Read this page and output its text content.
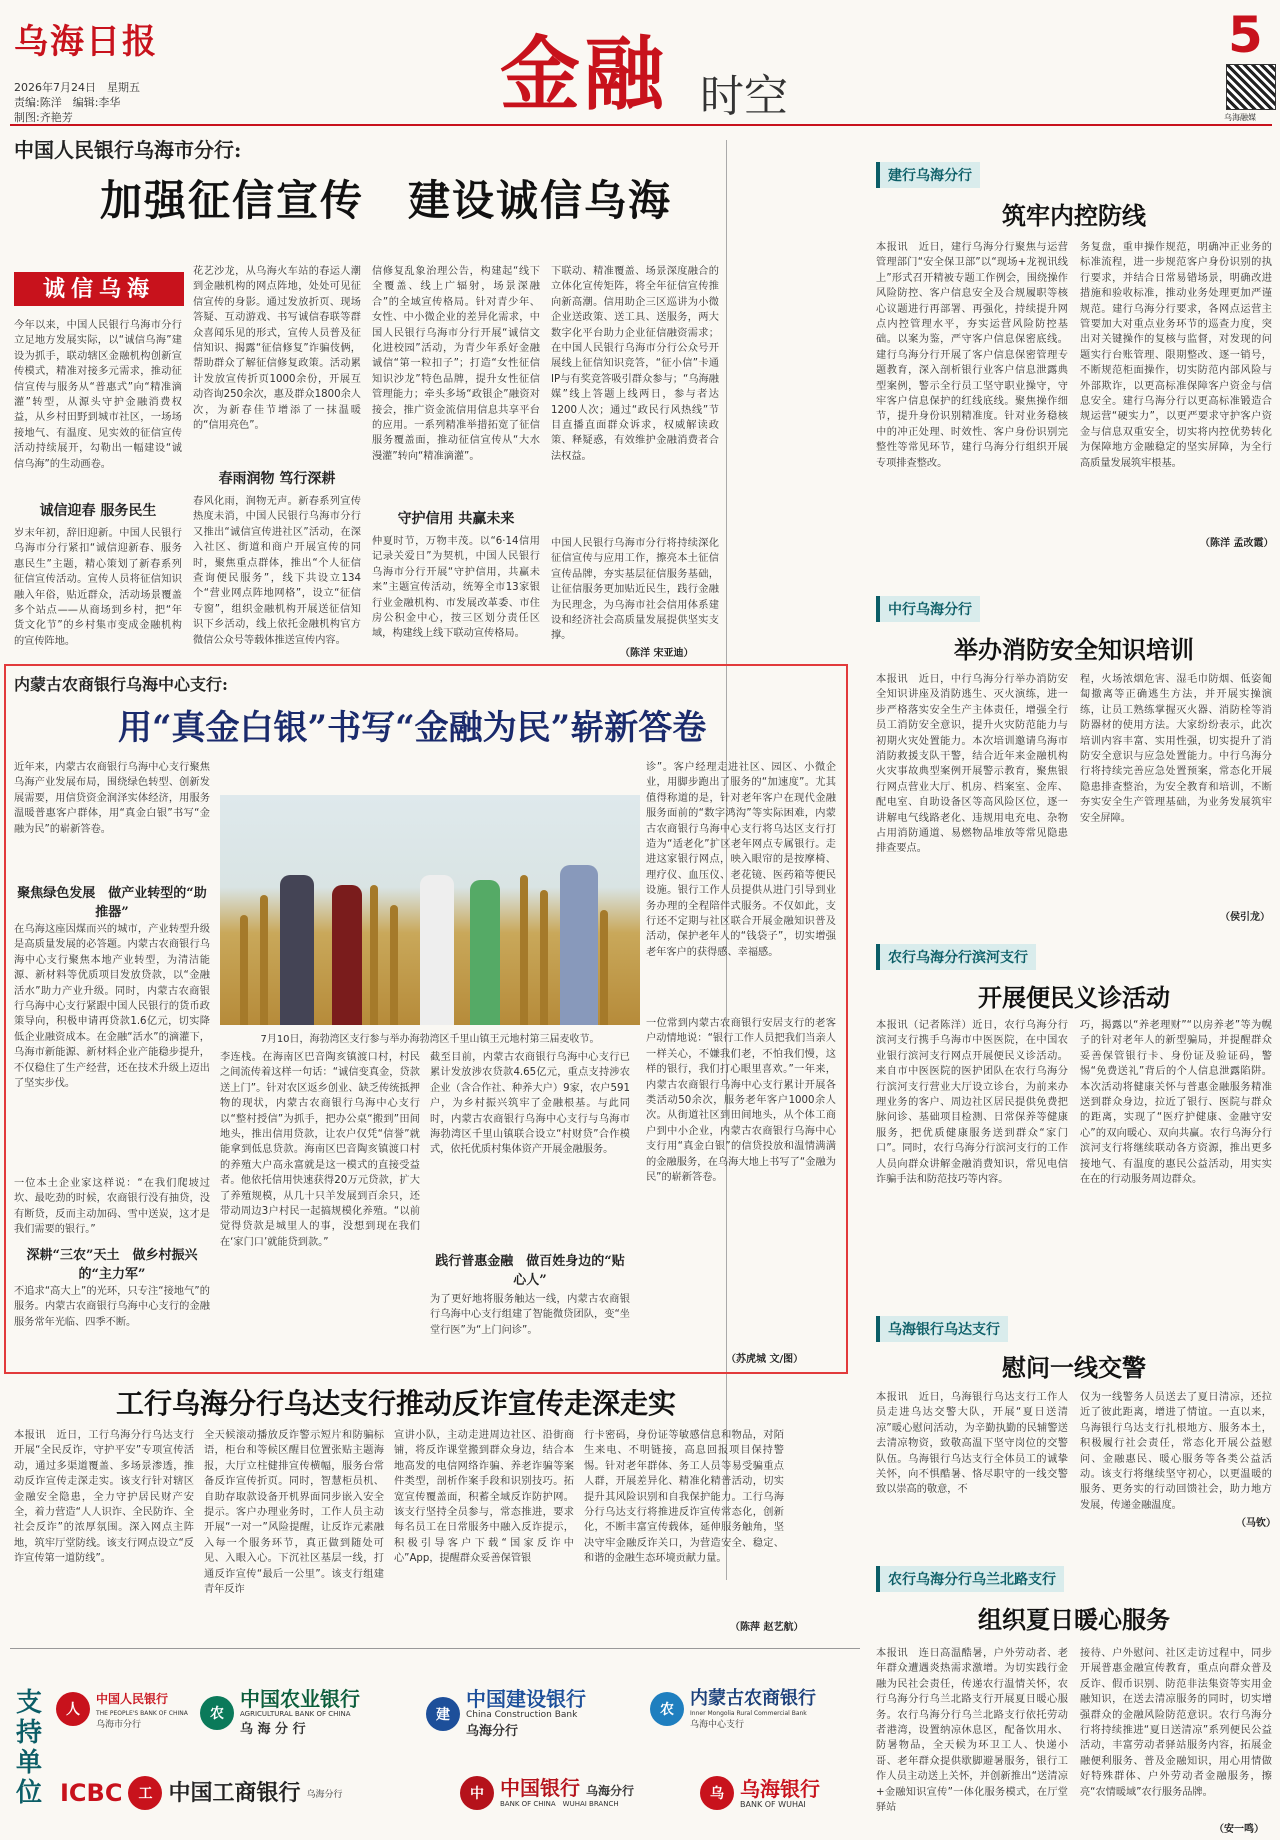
乌海日报
2026年7月24日　星期五
责编:陈洋　编辑:李华
制图:齐艳芳	金融 时空
5
乌海融媒
中国人民银行乌海市分行:
加强征信宣传　建设诚信乌海
诚信乌海
今年以来，中国人民银行乌海市分行立足地方发展实际，以“诚信乌海”建设为抓手，联动辖区金融机构创新宣传模式，精准对接多元需求，推动征信宣传与服务从“普惠式”向“精准滴灌”转型，从源头守护金融消费权益，从乡村田野到城市社区，一场场接地气、有温度、见实效的征信宣传活动持续展开，勾勒出一幅建设“诚信乌海”的生动画卷。
诚信迎春 服务民生
岁末年初，辞旧迎新。中国人民银行乌海市分行紧扣“诚信迎新春、服务惠民生”主题，精心策划了新春系列征信宣传活动。宣传人员将征信知识融入年俗，贴近群众，活动场景覆盖多个站点——从商场到乡村，把“年货文化节”的乡村集市变成金融机构的宣传阵地。
花艺沙龙，从乌海火车站的春运人潮到金融机构的网点阵地，处处可见征信宣传的身影。通过发放折页、现场答疑、互动游戏、书写诚信春联等群众喜闻乐见的形式，宣传人员普及征信知识、揭露“征信修复”诈骗伎俩，帮助群众了解征信修复政策。活动累计发放宣传折页1000余份，开展互动咨询250余次，惠及群众1800余人次，为新春佳节增添了一抹温暖的“信用亮色”。
春雨润物 笃行深耕
春风化雨，润物无声。新春系列宣传热度未消，中国人民银行乌海市分行又推出“诚信宣传进社区”活动，在深入社区、街道和商户开展宣传的同时，聚焦重点群体，推出“个人征信查询便民服务”，线下共设立134个“营业网点阵地网格”，设立“征信专窗”，组织金融机构开展送征信知识下乡活动，线上依托金融机构官方微信公众号等载体推送宣传内容。
信修复乱象治理公告，构建起“线下全覆盖、线上广辐射，场景深融合”的全域宣传格局。针对青少年、女性、中小微企业的差异化需求，中国人民银行乌海市分行开展“诚信文化进校园”活动，为青少年系好金融诚信“第一粒扣子”；打造“女性征信知识沙龙”特色品牌，提升女性征信管理能力；牵头多场“政银企”融资对接会，推广资金流信用信息共享平台的应用。一系列精准举措拓宽了征信服务覆盖面，推动征信宣传从“大水漫灌”转向“精准滴灌”。
守护信用 共赢未来
仲夏时节，万物丰茂。以“6·14信用记录关爱日”为契机，中国人民银行乌海市分行开展“守护信用，共赢未来”主题宣传活动，统筹全市13家银行业金融机构、市发展改革委、市住房公积金中心，按三区划分责任区域，构建线上线下联动宣传格局。
下联动、精准覆盖、场景深度融合的立体化宣传矩阵，将全年征信宣传推向新高潮。信用助企三区巡讲为小微企业送政策、送工具、送服务，两大数字化平台助力企业征信融资需求；在中国人民银行乌海市分行公众号开展线上征信知识竞答，“征小信”卡通IP与有奖竞答吸引群众参与；“乌海融媒”线上答题上线两日，参与者达1200人次；通过“政民行风热线”节目直播直面群众诉求，权威解读政策、释疑惑，有效维护金融消费者合法权益。
中国人民银行乌海市分行将持续深化征信宣传与应用工作，擦亮本土征信宣传品牌，夯实基层征信服务基础，让征信服务更加贴近民生，践行金融为民理念，为乌海市社会信用体系建设和经济社会高质量发展提供坚实支撑。
（陈洋 宋亚迪）
内蒙古农商银行乌海中心支行:
用“真金白银”书写“金融为民”崭新答卷
近年来，内蒙古农商银行乌海中心支行聚焦乌海产业发展布局，围绕绿色转型、创新发展需要，用信贷资金润泽实体经济，用服务温暖普惠客户群体，用“真金白银”书写“金融为民”的崭新答卷。
聚焦绿色发展　做产业转型的“助推器”
在乌海这座因煤而兴的城市，产业转型升级是高质量发展的必答题。内蒙古农商银行乌海中心支行聚焦本地产业转型，为清洁能源、新材料等优质项目发放贷款，以“金融活水”助力产业升级。同时，内蒙古农商银行乌海中心支行紧跟中国人民银行的货币政策导向，积极申请再贷款1.6亿元，切实降低企业融资成本。在金融“活水”的滴灌下，乌海市新能源、新材料企业产能稳步提升，不仅稳住了生产经营，还在技术升级上迈出了坚实步伐。
一位本土企业家这样说：“在我们爬坡过坎、最吃劲的时候，农商银行没有抽贷，没有断贷，反而主动加码、雪中送炭，这才是我们需要的银行。”
深耕“三农”天土　做乡村振兴的“主力军”
不追求“高大上”的光环，只专注“接地气”的服务。内蒙古农商银行乌海中心支行的金融服务常年光临、四季不断。
7月10日，海勃湾区支行参与举办海勃湾区千里山镇王元地村第三届麦收节。
李连栈。在海南区巴音陶亥镇渡口村，村民之间流传着这样一句话：“诚信变真金，贷款送上门”。针对农区返乡创业、缺乏传统抵押物的现状，内蒙古农商银行乌海中心支行以“整村授信”为抓手，把办公桌“搬到”田间地头，推出信用贷款，让农户仅凭“信誉”就能拿到低息贷款。海南区巴音陶亥镇渡口村的养殖大户高永富就是这一模式的直接受益者。他依托信用快速获得20万元贷款，扩大了养殖规模，从几十只羊发展到百余只，还带动周边3户村民一起搞规模化养殖。“以前觉得贷款是城里人的事，没想到现在我们在‘家门口’就能贷到款。”
截至目前，内蒙古农商银行乌海中心支行已累计发放涉农贷款4.65亿元，重点支持涉农企业（含合作社、种养大户）9家，农户591户，为乡村振兴筑牢了金融根基。与此同时，内蒙古农商银行乌海中心支行与乌海市海勃湾区千里山镇联合设立“村财贷”合作模式，依托优质村集体资产开展金融服务。
践行普惠金融　做百姓身边的“贴心人”
为了更好地将服务触达一线，内蒙古农商银行乌海中心支行组建了智能微贷团队，变“坐堂行医”为“上门问诊”。
诊”。客户经理走进社区、园区、小微企业，用脚步跑出了服务的“加速度”。尤其值得称道的是，针对老年客户在现代金融服务面前的“数字鸿沟”等实际困难，内蒙古农商银行乌海中心支行将乌达区支行打造为“适老化”扩区老年网点专属银行。走进这家银行网点，映入眼帘的是按摩椅、理疗仪、血压仪、老花镜、医药箱等便民设施。银行工作人员提供从进门引导到业务办理的全程陪伴式服务。不仅如此，支行还不定期与社区联合开展金融知识普及活动，保护老年人的“钱袋子”，切实增强老年客户的获得感、幸福感。
一位常到内蒙古农商银行安居支行的老客户动情地说：“银行工作人员把我们当亲人一样关心，不嫌我们老，不怕我们慢，这样的银行，我们打心眼里喜欢。”一年来，内蒙古农商银行乌海中心支行累计开展各类活动50余次，服务老年客户1000余人次。从街道社区到田间地头，从个体工商户到中小企业，内蒙古农商银行乌海中心支行用“真金白银”的信贷投放和温情满满的金融服务，在乌海大地上书写了“金融为民”的崭新答卷。
（苏虎城 文/图）
工行乌海分行乌达支行推动反诈宣传走深走实
本报讯　近日，工行乌海分行乌达支行开展“全民反诈，守护平安”专项宣传活动，通过多渠道覆盖、多场景渗透，推动反诈宣传走深走实。该支行针对辖区金融安全隐患，全力守护居民财产安全，着力营造“人人识诈、全民防诈、全社会反诈”的浓厚氛围。深入网点主阵地，筑牢厅堂防线。该支行网点设立“反诈宣传第一道防线”。
全天候滚动播放反诈警示短片和防骗标语，柜台和等候区醒目位置张贴主题海报，大厅立柱健排宣传横幅，服务台常备反诈宣传折页。同时，智慧柜员机、自助存取款设备开机界面同步嵌入安全提示。客户办理业务时，工作人员主动开展“一对一”风险提醒，让反诈元素融入每一个服务环节，真正做到随处可见、入眼入心。下沉社区基层一线，打通反诈宣传“最后一公里”。该支行组建青年反诈
宣讲小队，主动走进周边社区、沿街商铺，将反诈课堂搬到群众身边，结合本地高发的电信网络诈骗、养老诈骗等案件类型，剖析作案手段和识别技巧。拓宽宣传覆盖面，积蓄全域反诈防护网。该支行坚持全员参与，常态推进，要求每名员工在日常服务中融入反诈提示，积极引导客户下载“国家反诈中心”App，提醒群众妥善保管银
行卡密码，身份证等敏感信息和物品，对陌生来电、不明链接，高息回报项目保持警惕。针对老年群体、务工人员等易受骗重点人群，开展差异化、精准化精普活动，切实提升其风险识别和自我保护能力。工行乌海分行乌达支行将推进反诈宣传常态化，创新化，不断丰富宣传载体，延伸服务触角，坚决守牢金融反诈关口，为营造安全、稳定、和谐的金融生态环境贡献力量。
（陈萍 赵艺航）
建行乌海分行
筑牢内控防线
本报讯　近日，建行乌海分行聚焦与运营管理部门“安全保卫部”以“现场+龙视讯线上”形式召开精被专题工作例会，围绕操作风险防控、客户信息安全及合规履职等核心议题进行再部署、再强化，持续提升网点内控管理水平，夯实运营风险防控基础。以案为鉴，严守客户信息保密底线。建行乌海分行开展了客户信息保密管理专题教育，深入剖析银行业客户信息泄露典型案例，警示全行员工坚守职业操守，守牢客户信息保护的红线底线。聚焦操作细节，提升身份识别精准度。针对业务稳核中的冲正处理、时效性、客户身份识别完整性等常见环节，建行乌海分行组织开展专项排查整改。
务复盘，重申操作规范，明确冲正业务的标准流程，进一步规范客户身份识别的执行要求，并结合日常易错场景，明确改进措施和验收标准，推动业务处理更加严谨规范。建行乌海分行要求，各网点运营主管要加大对重点业务环节的巡查力度，突出对关键操作的复核与监督，对发现的问题实行台账管理、限期整改、逐一销号，不断规范柜面操作，切实防范内部风险与外部欺诈，以更高标准保障客户资金与信息安全。建行乌海分行以更高标准锻造合规运营“硬实力”，以更严要求守护客户资金与信息双重安全，切实将内控优势转化为保障地方金融稳定的坚实屏障，为全行高质量发展筑牢根基。
（陈洋 孟改霞）
中行乌海分行
举办消防安全知识培训
本报讯　近日，中行乌海分行举办消防安全知识讲座及消防逃生、灭火演练，进一步严格落实安全生产主体责任，增强全行员工消防安全意识，提升火灾防范能力与初期火灾处置能力。本次培训邀请乌海市消防救援支队干警，结合近年来金融机构火灾事故典型案例开展警示教育，聚焦银行网点营业大厅、机房、档案室、金库、配电室、自助设备区等高风险区位，逐一讲解电气线路老化、违规用电充电、杂物占用消防通道、易燃物品堆放等常见隐患排查要点。
程，火场浓烟危害、湿毛巾防烟、低姿匍匐撤离等正确逃生方法，并开展实操演练，让员工熟练掌握灭火器、消防栓等消防器材的使用方法。大家纷纷表示，此次培训内容丰富、实用性强，切实提升了消防安全意识与应急处置能力。中行乌海分行将持续完善应急处置预案，常态化开展隐患排查整治，为安全教育和培训，不断夯实安全生产管理基础，为业务发展筑牢安全屏障。
（侯引龙）
农行乌海分行滨河支行
开展便民义诊活动
本报讯（记者陈洋）近日，农行乌海分行滨河支行携手乌海市中医医院，在中国农业银行滨河支行网点开展便民义诊活动。来自市中医医院的医护团队在农行乌海分行滨河支行营业大厅设立诊台，为前来办理业务的客户、周边社区居民提供免费把脉问诊、基础项目检测、日常保养等健康服务，把优质健康服务送到群众“家门口”。同时，农行乌海分行滨河支行的工作人员向群众讲解金融消费知识，常见电信诈骗手法和防范技巧等内容。
巧，揭露以“养老理财”“以房养老”等为幌子的针对老年人的新型骗局，并提醒群众妥善保管银行卡、身份证及验证码，警惕“免费送礼”背后的个人信息泄露陷阱。本次活动将健康关怀与普惠金融服务精准送到群众身边，拉近了银行、医院与群众的距离，实现了“医疗护健康、金融守安心”的双向暖心、双向共赢。农行乌海分行滨河支行将继续联动各方资源，推出更多接地气、有温度的惠民公益活动，用实实在在的行动服务周边群众。
乌海银行乌达支行
慰问一线交警
本报讯　近日，乌海银行乌达支行工作人员走进乌达交警大队，开展“夏日送清凉”暖心慰问活动，为辛勤执勤的民辅警送去清凉物资，致敬高温下坚守岗位的交警队伍。乌海银行乌达支行全体员工的诚挚关怀，向不惧酷暑、恪尽职守的一线交警致以崇高的敬意，不
仅为一线警务人员送去了夏日清凉，还拉近了彼此距离，增进了情谊。一直以来，乌海银行乌达支行扎根地方、服务本土，积极履行社会责任，常态化开展公益慰问、金融惠民、暖心服务等各类公益活动。该支行将继续坚守初心，以更温暖的服务、更务实的行动回馈社会，助力地方发展，传递金融温度。
（马钦）
农行乌海分行乌兰北路支行
组织夏日暖心服务
本报讯　连日高温酷暑，户外劳动者、老年群众遭遇炎热需求激增。为切实践行金融为民社会责任，传递农行温情关怀，农行乌海分行乌兰北路支行开展夏日暖心服务。农行乌海分行乌兰北路支行依托劳动者港湾，设置纳凉休息区，配备饮用水、防暑物品，全天候为环卫工人、快递小哥、老年群众提供歇脚避暑服务，银行工作人员主动送上关怀，并创新推出“送清凉+金融知识宣传”一体化服务模式，在厅堂驿站
接待、户外慰问、社区走访过程中，同步开展普惠金融宣传教育，重点向群众普及反诈、假币识别、防范非法集资等实用金融知识，在送去清凉服务的同时，切实增强群众的金融风险防范意识。农行乌海分行将持续推进“夏日送清凉”系列便民公益活动，丰富劳动者驿站服务内容，拓展金融便利服务、普及金融知识，用心用情做好特殊群体、户外劳动者金融服务，擦亮“农情暖域”农行服务品牌。
（安一鸣）
支持单位
人
中国人民银行
THE PEOPLE'S BANK OF CHINA
乌海市分行
农
中国农业银行
AGRICULTURAL BANK OF CHINA
乌 海 分 行
建
中国建设银行
China Construction Bank
乌海分行
农
内蒙古农商银行
Inner Mongolia Rural Commercial Bank
乌海中心支行
ICBC	工 中国工商银行 乌海分行	中 中国银行 乌海分行
BANK OF CHINA　WUHAI BRANCH
乌 乌海银行
BANK OF WUHAI
